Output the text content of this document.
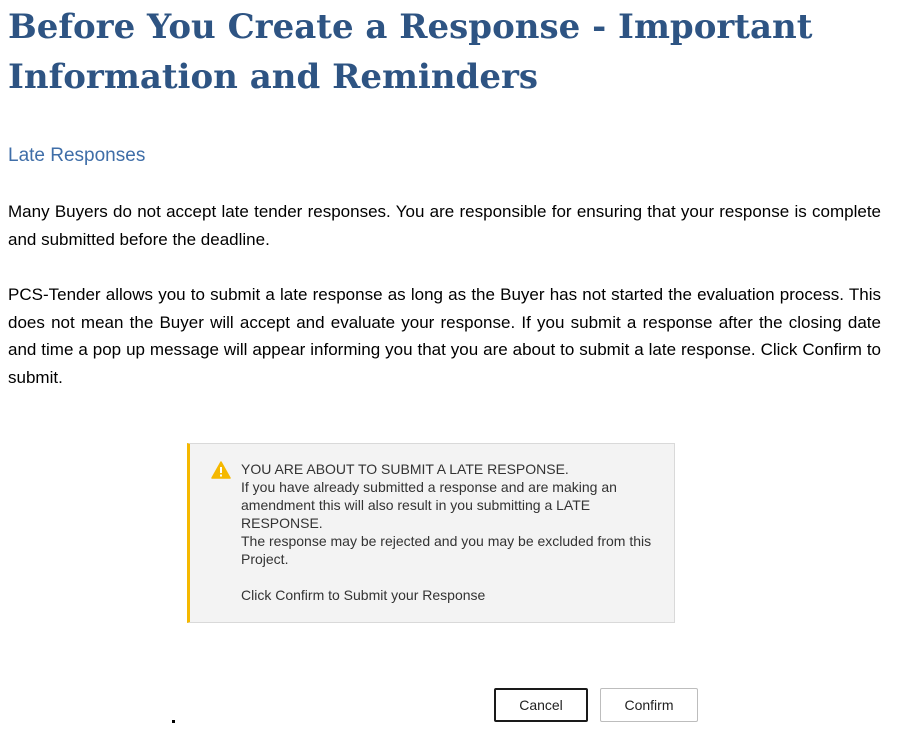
Before You Create a Response - Important Information and Reminders
Late Responses

Many Buyers do not accept late tender responses. You are responsible for ensuring that your response is complete and submitted before the deadline.

PCS-Tender allows you to submit a late response as long as the Buyer has not started the evaluation process. This does not mean the Buyer will accept and evaluate your response. If you submit a response after the closing date and time a pop up message will appear informing you that you are about to submit a late response. Click Confirm to submit.

YOU ARE ABOUT TO SUBMIT A LATE RESPONSE.
If you have already submitted a response and are making an amendment this will also result in you submitting a LATE RESPONSE.
The response may be rejected and you may be excluded from this Project.
Click Confirm to Submit your Response
Cancel	Confirm
